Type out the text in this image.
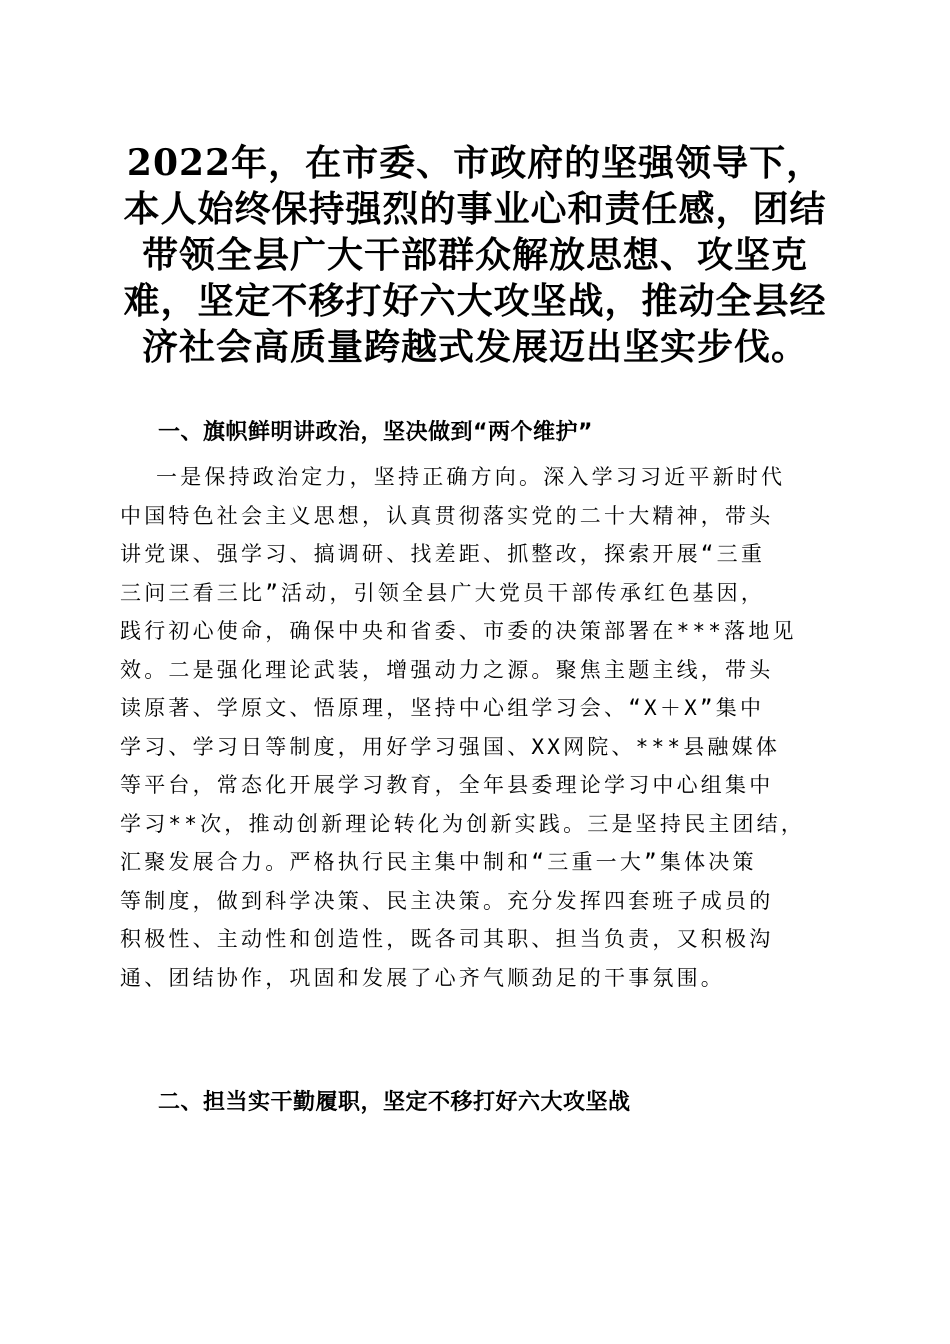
2022年，在市委、市政府的坚强领导下，本人始终保持强烈的事业心和责任感，团结带领全县广大干部群众解放思想、攻坚克难，坚定不移打好六大攻坚战，推动全县经济社会高质量跨越式发展迈出坚实步伐。
一、旗帜鲜明讲政治，坚决做到“两个维护”
一是保持政治定力，坚持正确方向。深入学习习近平新时代
中国特色社会主义思想，认真贯彻落实党的二十大精神，带头
讲党课、强学习、搞调研、找差距、抓整改，探索开展“三重
三问三看三比”活动，引领全县广大党员干部传承红色基因，
践行初心使命，确保中央和省委、市委的决策部署在***落地见
效。二是强化理论武装，增强动力之源。聚焦主题主线，带头
读原著、学原文、悟原理，坚持中心组学习会、“X＋X”集中
学习、学习日等制度，用好学习强国、XX网院、***县融媒体
等平台，常态化开展学习教育，全年县委理论学习中心组集中
学习**次，推动创新理论转化为创新实践。三是坚持民主团结，
汇聚发展合力。严格执行民主集中制和“三重一大”集体决策
等制度，做到科学决策、民主决策。充分发挥四套班子成员的
积极性、主动性和创造性，既各司其职、担当负责，又积极沟
通、团结协作，巩固和发展了心齐气顺劲足的干事氛围。
二、担当实干勤履职，坚定不移打好六大攻坚战
